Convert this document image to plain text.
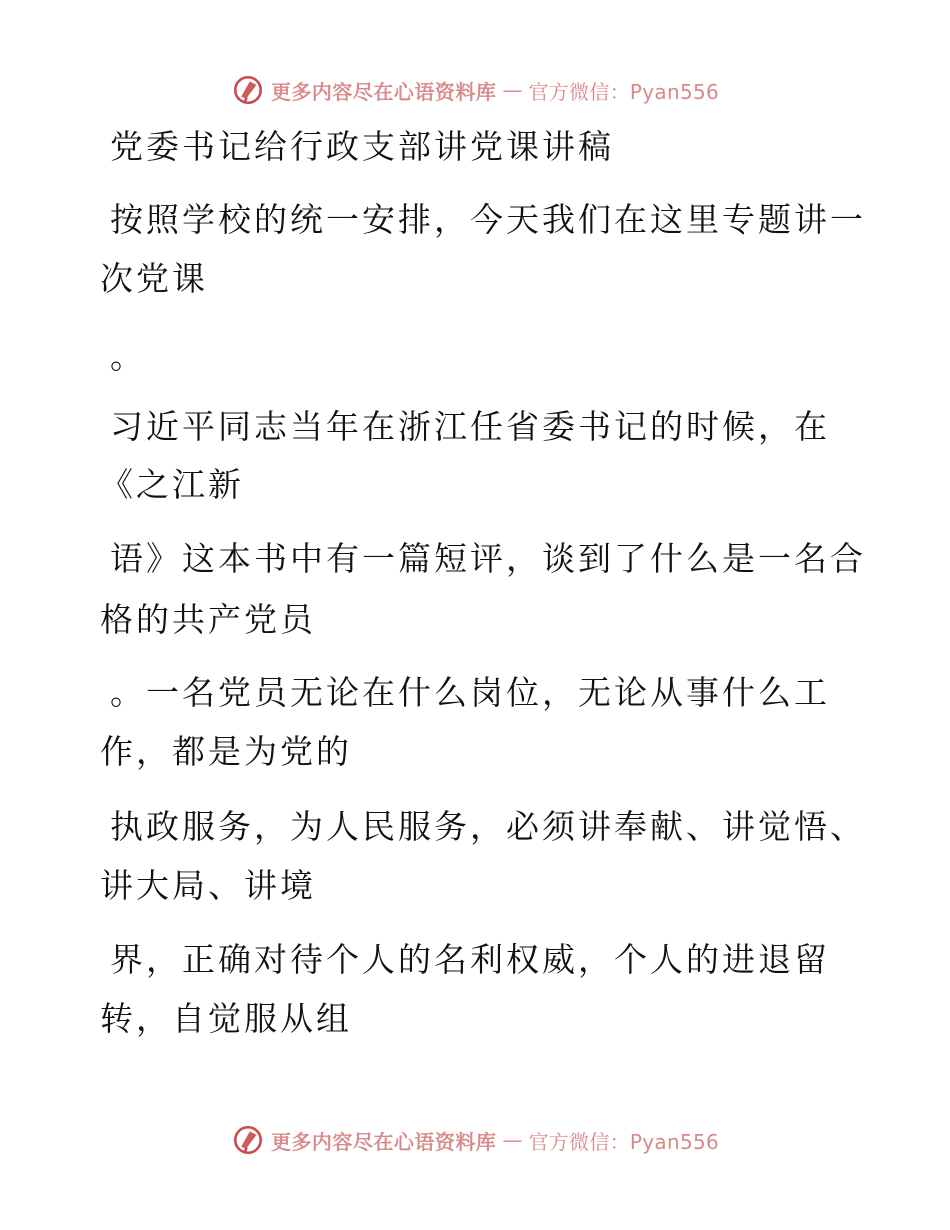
更多内容尽在心语资料库 — 官方微信：Pyan556
党委书记给行政支部讲党课讲稿
按照学校的统一安排，今天我们在这里专题讲一
次党课
。
习近平同志当年在浙江任省委书记的时候，在
《之江新
语》这本书中有一篇短评，谈到了什么是一名合
格的共产党员
。一名党员无论在什么岗位，无论从事什么工
作，都是为党的
执政服务，为人民服务，必须讲奉献、讲觉悟、
讲大局、讲境
界，正确对待个人的名利权威，个人的进退留
转，自觉服从组
更多内容尽在心语资料库 — 官方微信：Pyan556
